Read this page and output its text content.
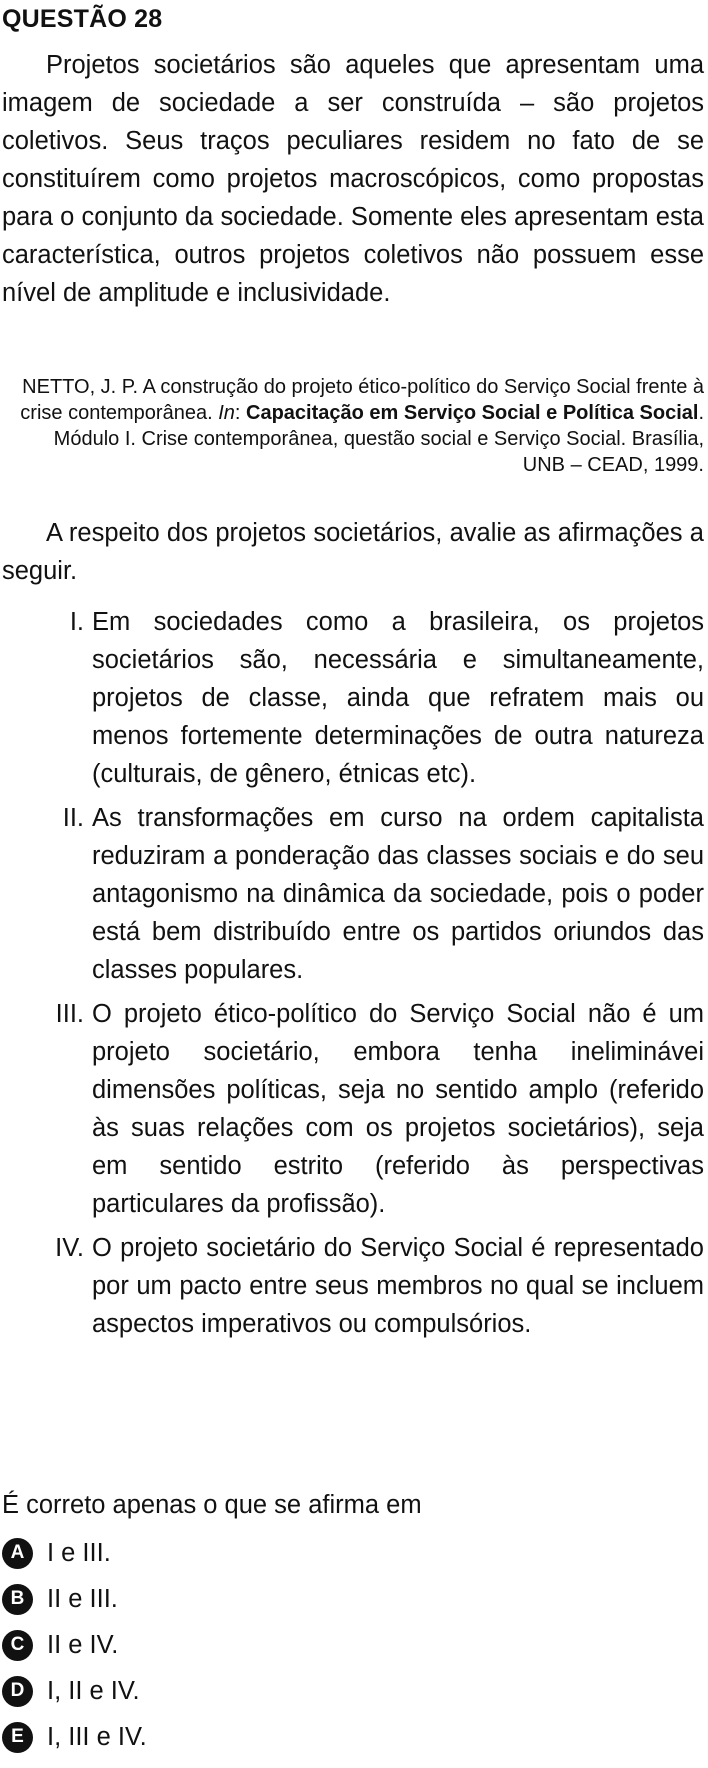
QUESTÃO 28

Projetos societários são aqueles que apresentam uma imagem de sociedade a ser construída – são projetos coletivos. Seus traços peculiares residem no fato de se constituírem como projetos macroscópicos, como propostas para o conjunto da sociedade. Somente eles apresentam esta característica, outros projetos coletivos não possuem esse nível de amplitude e inclusividade.

NETTO, J. P. A construção do projeto ético-político do Serviço Social frente à crise contemporânea. In: Capacitação em Serviço Social e Política Social. Módulo I. Crise contemporânea, questão social e Serviço Social. Brasília, UNB – CEAD, 1999.

A respeito dos projetos societários, avalie as afirmações a seguir.

I. Em sociedades como a brasileira, os projetos societários são, necessária e simultaneamente, projetos de classe, ainda que refratem mais ou menos fortemente determinações de outra natureza (culturais, de gênero, étnicas etc).
II. As transformações em curso na ordem capitalista reduziram a ponderação das classes sociais e do seu antagonismo na dinâmica da sociedade, pois o poder está bem distribuído entre os partidos oriundos das classes populares.
III. O projeto ético-político do Serviço Social não é um projeto societário, embora tenha ineliminávei dimensões políticas, seja no sentido amplo (referido às suas relações com os projetos societários), seja em sentido estrito (referido às perspectivas particulares da profissão).
IV. O projeto societário do Serviço Social é representado por um pacto entre seus membros no qual se incluem aspectos imperativos ou compulsórios.

É correto apenas o que se afirma em

A I e III.
B II e III.
C II e IV.
D I, II e IV.
E I, III e IV.
